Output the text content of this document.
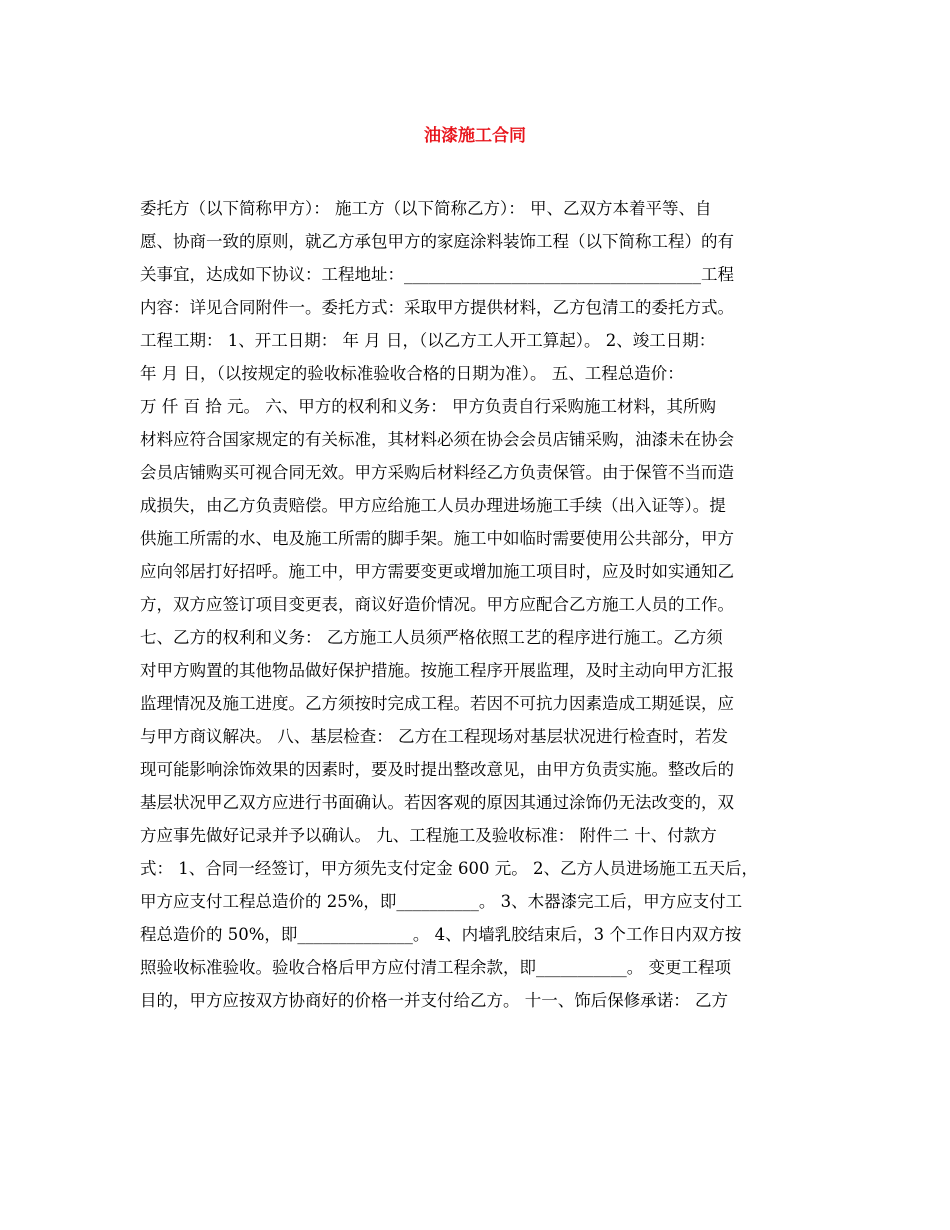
油漆施工合同
委托方（以下简称甲方）： 施工方（以下简称乙方）： 甲、乙双方本着平等、自
愿、协商一致的原则，就乙方承包甲方的家庭涂料装饰工程（以下简称工程）的有
关事宜，达成如下协议：工程地址：____________________________________工程
内容：详见合同附件一。委托方式：采取甲方提供材料，乙方包清工的委托方式。
工程工期： 1、开工日期： 年 月 日，（以乙方工人开工算起）。 2、竣工日期：
年 月 日，（以按规定的验收标准验收合格的日期为准）。 五、工程总造价：
万 仟 百 拾 元。 六、甲方的权利和义务： 甲方负责自行采购施工材料，其所购
材料应符合国家规定的有关标准，其材料必须在协会会员店铺采购，油漆未在协会
会员店铺购买可视合同无效。甲方采购后材料经乙方负责保管。由于保管不当而造
成损失，由乙方负责赔偿。甲方应给施工人员办理进场施工手续（出入证等）。提
供施工所需的水、电及施工所需的脚手架。施工中如临时需要使用公共部分，甲方
应向邻居打好招呼。施工中，甲方需要变更或增加施工项目时，应及时如实通知乙
方，双方应签订项目变更表，商议好造价情况。甲方应配合乙方施工人员的工作。
七、乙方的权利和义务： 乙方施工人员须严格依照工艺的程序进行施工。乙方须
对甲方购置的其他物品做好保护措施。按施工程序开展监理，及时主动向甲方汇报
监理情况及施工进度。乙方须按时完成工程。若因不可抗力因素造成工期延误，应
与甲方商议解决。 八、基层检查： 乙方在工程现场对基层状况进行检查时，若发
现可能影响涂饰效果的因素时，要及时提出整改意见，由甲方负责实施。整改后的
基层状况甲乙双方应进行书面确认。若因客观的原因其通过涂饰仍无法改变的，双
方应事先做好记录并予以确认。 九、工程施工及验收标准： 附件二 十、付款方
式： 1、合同一经签订，甲方须先支付定金 600 元。 2、乙方人员进场施工五天后，
甲方应支付工程总造价的 25%，即__________。 3、木器漆完工后，甲方应支付工
程总造价的 50%，即______________。 4、内墙乳胶结束后，3 个工作日内双方按
照验收标准验收。验收合格后甲方应付清工程余款，即___________。 变更工程项
目的，甲方应按双方协商好的价格一并支付给乙方。 十一、饰后保修承诺： 乙方
